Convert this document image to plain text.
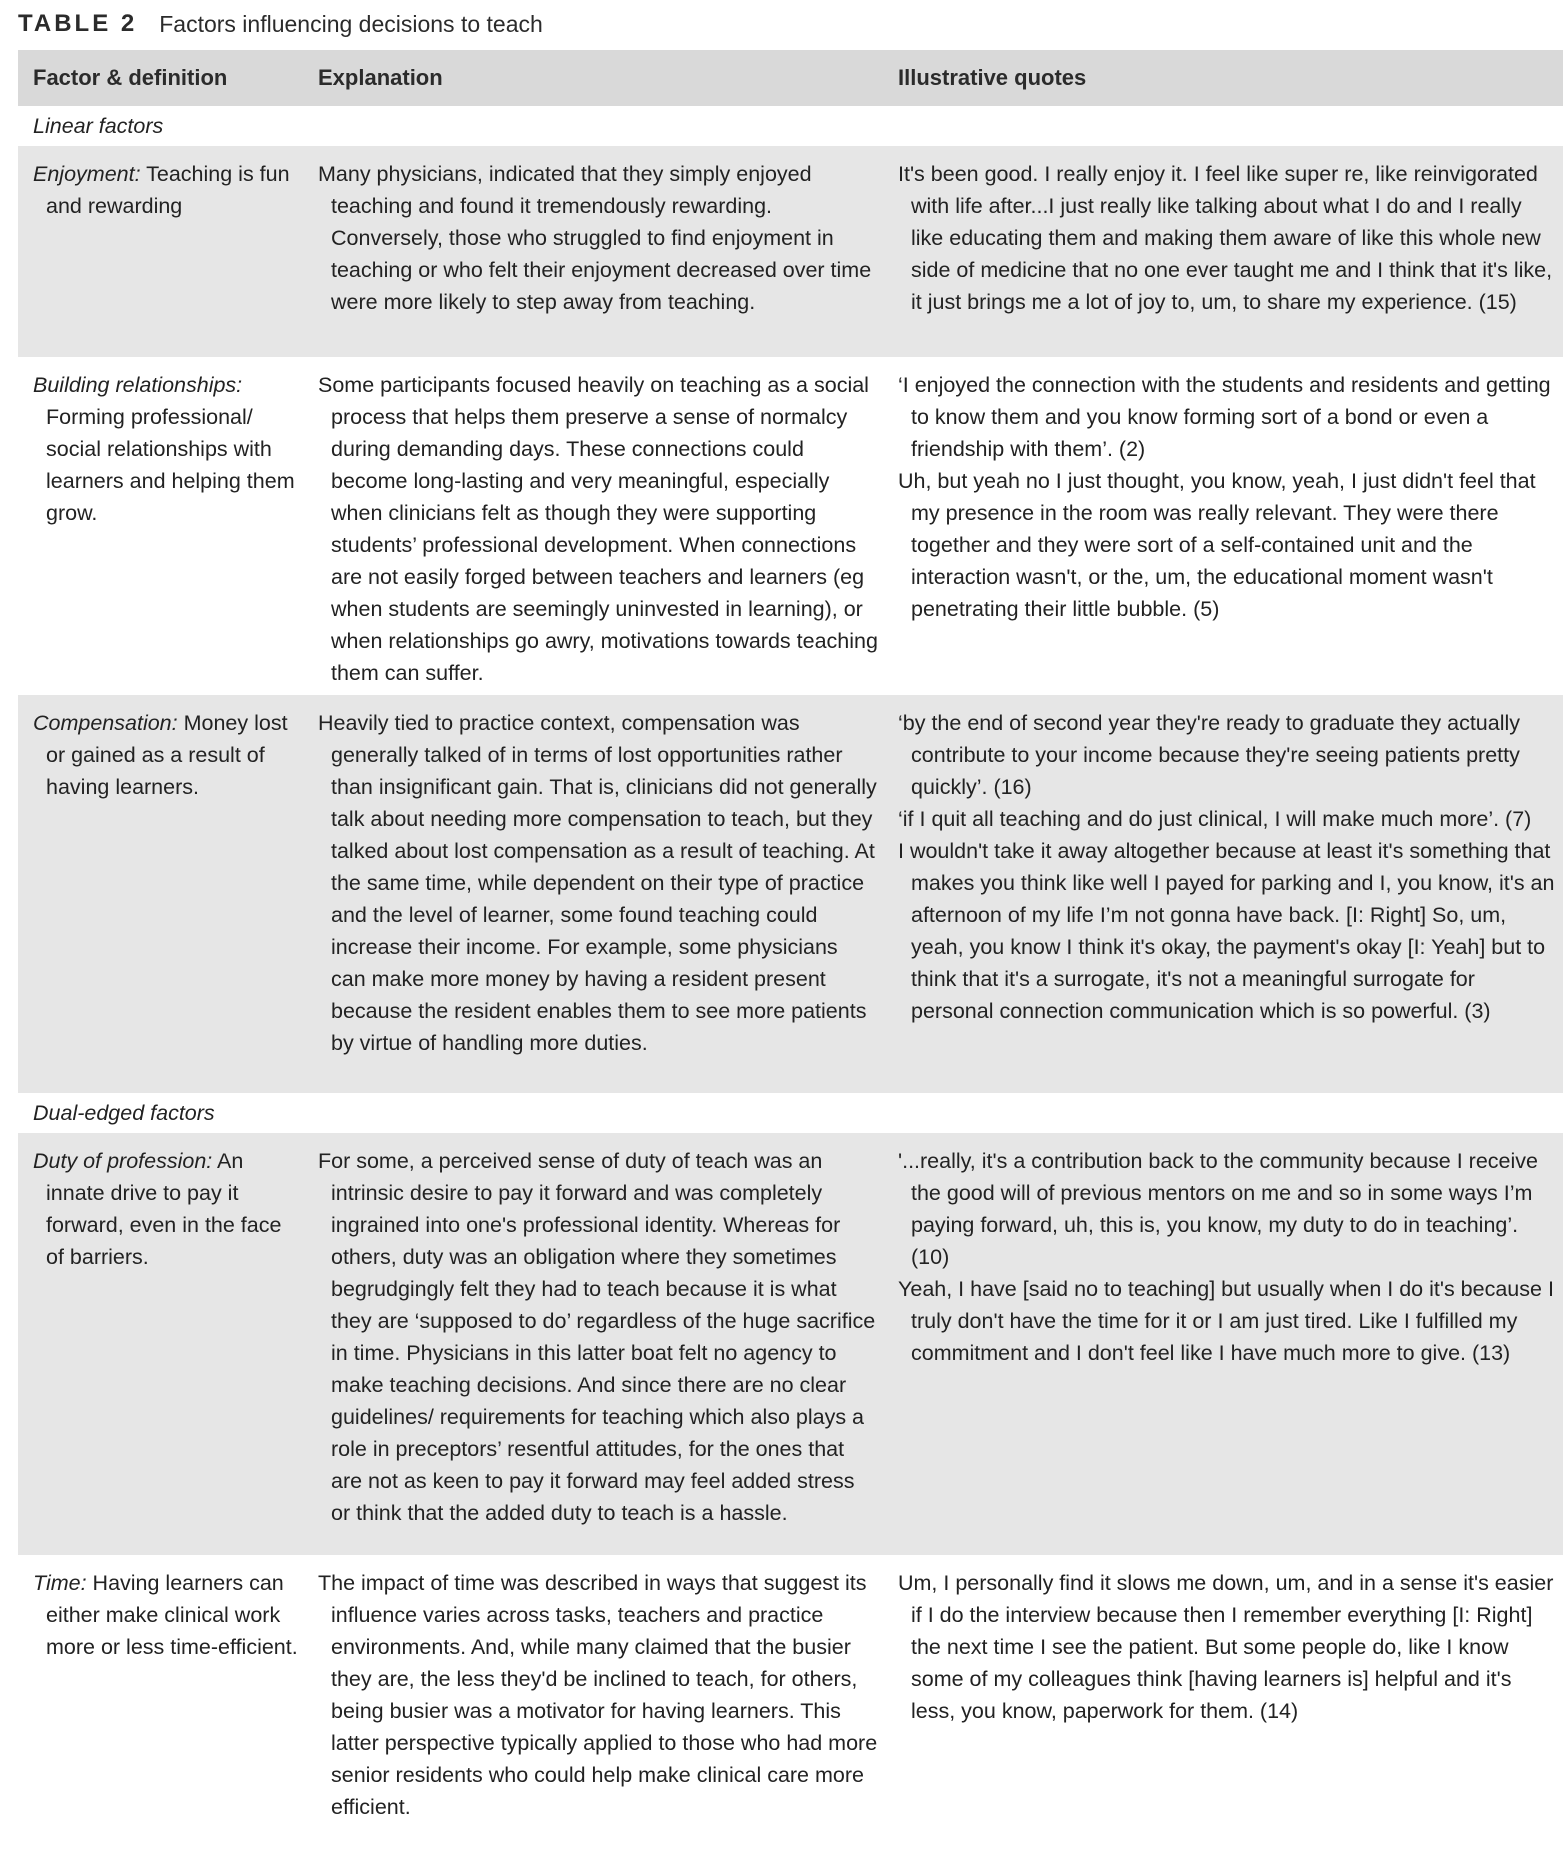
TABLE 2 Factors influencing decisions to teach
Factor & definition	Explanation	Illustrative quotes
Linear factors

Enjoyment: Teaching is fun and rewarding

Many physicians, indicated that they simply enjoyed teaching and found it tremendously rewarding. Conversely, those who struggled to find enjoyment in teaching or who felt their enjoyment decreased over time were more likely to step away from teaching.

It's been good. I really enjoy it. I feel like super re, like reinvigorated with life after...I just really like talking about what I do and I really like educating them and making them aware of like this whole new side of medicine that no one ever taught me and I think that it's like, it just brings me a lot of joy to, um, to share my experience. (15)

Building relationships: Forming professional/ social relationships with learners and helping them grow.

Some participants focused heavily on teaching as a social process that helps them preserve a sense of normalcy during demanding days. These connections could become long-lasting and very meaningful, especially when clinicians felt as though they were supporting students’ professional development. When connections are not easily forged between teachers and learners (eg when students are seemingly uninvested in learning), or when relationships go awry, motivations towards teaching them can suffer.

‘I enjoyed the connection with the students and residents and getting to know them and you know forming sort of a bond or even a friendship with them’. (2)

Uh, but yeah no I just thought, you know, yeah, I just didn't feel that my presence in the room was really relevant. They were there together and they were sort of a self-contained unit and the interaction wasn't, or the, um, the educational moment wasn't penetrating their little bubble. (5)

Compensation: Money lost or gained as a result of having learners.

Heavily tied to practice context, compensation was generally talked of in terms of lost opportunities rather than insignificant gain. That is, clinicians did not generally talk about needing more compensation to teach, but they talked about lost compensation as a result of teaching. At the same time, while dependent on their type of practice and the level of learner, some found teaching could increase their income. For example, some physicians can make more money by having a resident present because the resident enables them to see more patients by virtue of handling more duties.

‘by the end of second year they're ready to graduate they actually contribute to your income because they're seeing patients pretty quickly’. (16)

‘if I quit all teaching and do just clinical, I will make much more’. (7)

I wouldn't take it away altogether because at least it's something that makes you think like well I payed for parking and I, you know, it's an afternoon of my life I’m not gonna have back. [I: Right] So, um, yeah, you know I think it's okay, the payment's okay [I: Yeah] but to think that it's a surrogate, it's not a meaningful surrogate for personal connection communication which is so powerful. (3)

Dual-edged factors

Duty of profession: An innate drive to pay it forward, even in the face of barriers.

For some, a perceived sense of duty of teach was an intrinsic desire to pay it forward and was completely ingrained into one's professional identity. Whereas for others, duty was an obligation where they sometimes begrudgingly felt they had to teach because it is what they are ‘supposed to do’ regardless of the huge sacrifice in time. Physicians in this latter boat felt no agency to make teaching decisions. And since there are no clear guidelines/ requirements for teaching which also plays a role in preceptors’ resentful attitudes, for the ones that are not as keen to pay it forward may feel added stress or think that the added duty to teach is a hassle.

'...really, it's a contribution back to the community because I receive the good will of previous mentors on me and so in some ways I’m paying forward, uh, this is, you know, my duty to do in teaching’. (10)

Yeah, I have [said no to teaching] but usually when I do it's because I truly don't have the time for it or I am just tired. Like I fulfilled my commitment and I don't feel like I have much more to give. (13)

Time: Having learners can either make clinical work more or less time-efficient.

The impact of time was described in ways that suggest its influence varies across tasks, teachers and practice environments. And, while many claimed that the busier they are, the less they'd be inclined to teach, for others, being busier was a motivator for having learners. This latter perspective typically applied to those who had more senior residents who could help make clinical care more efficient.

Um, I personally find it slows me down, um, and in a sense it's easier if I do the interview because then I remember everything [I: Right] the next time I see the patient. But some people do, like I know some of my colleagues think [having learners is] helpful and it's less, you know, paperwork for them. (14)
